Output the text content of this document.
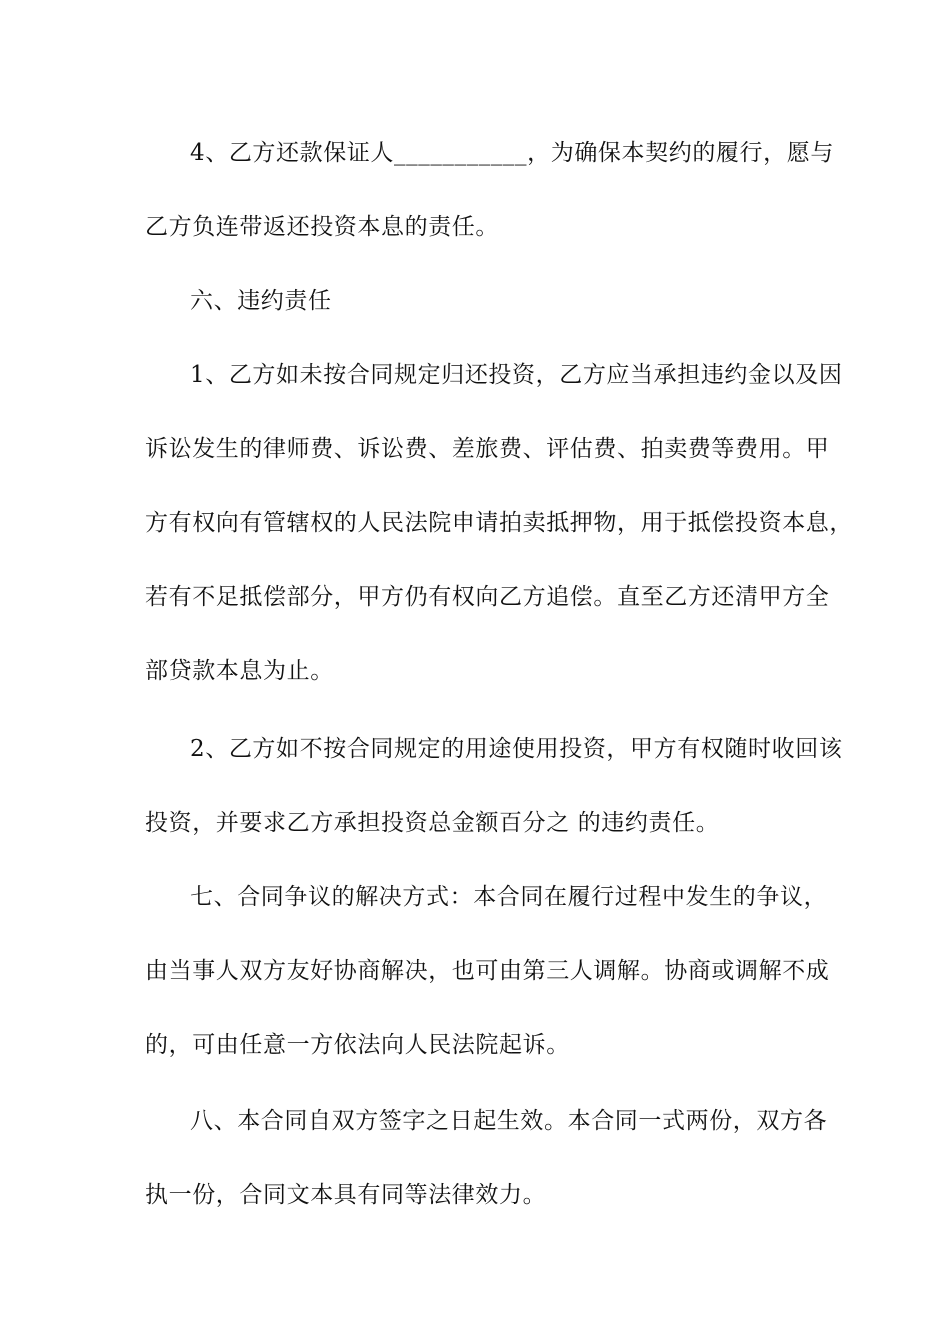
4、乙方还款保证人___________，为确保本契约的履行，愿与
乙方负连带返还投资本息的责任。
六、违约责任
1、乙方如未按合同规定归还投资，乙方应当承担违约金以及因
诉讼发生的律师费、诉讼费、差旅费、评估费、拍卖费等费用。甲
方有权向有管辖权的人民法院申请拍卖抵押物，用于抵偿投资本息，
若有不足抵偿部分，甲方仍有权向乙方追偿。直至乙方还清甲方全
部贷款本息为止。
2、乙方如不按合同规定的用途使用投资，甲方有权随时收回该
投资，并要求乙方承担投资总金额百分之 的违约责任。
七、合同争议的解决方式：本合同在履行过程中发生的争议，
由当事人双方友好协商解决，也可由第三人调解。协商或调解不成
的，可由任意一方依法向人民法院起诉。
八、本合同自双方签字之日起生效。本合同一式两份，双方各
执一份，合同文本具有同等法律效力。
